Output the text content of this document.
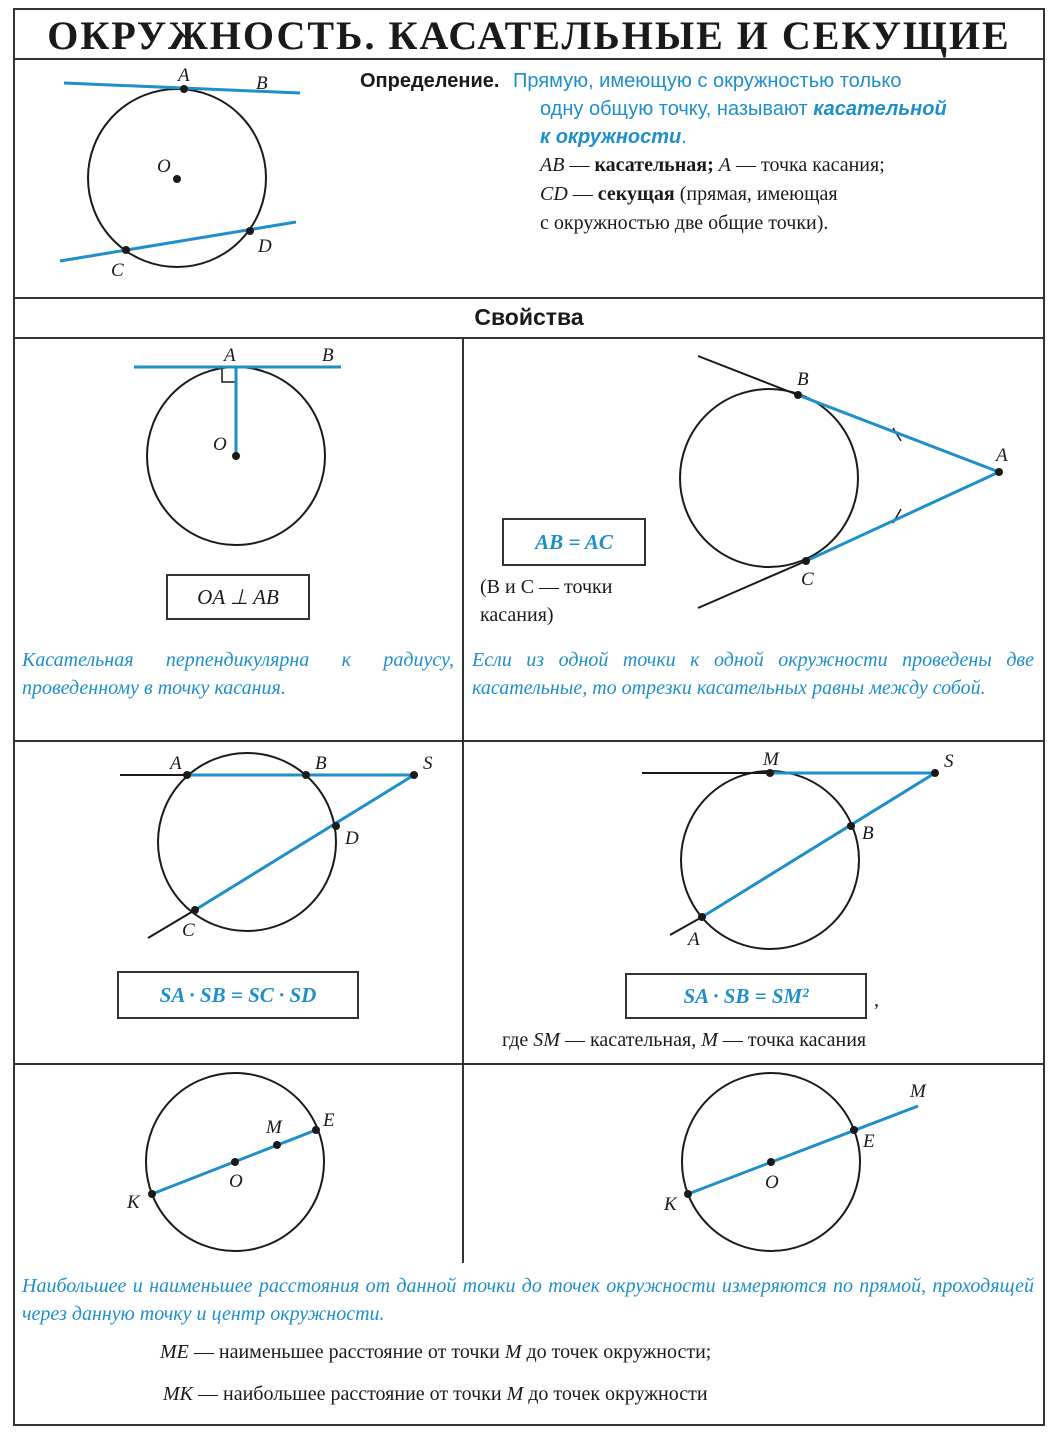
ОКРУЖНОСТЬ. КАСАТЕЛЬНЫЕ И СЕКУЩИЕ
Определение. Прямую, имеющую с окружностью только
одну общую точку, называют касательной
к окружности.
AB — касательная; A — точка касания;
CD — секущая (прямая, имеющая
с окружностью две общие точки).
Свойства
OA ⊥ AB
AB = AC
SA · SB = SC · SD	SA · SB = SM²	,
(B и C — точки
касания)
где SM — касательная, M — точка касания
Касательная перпендикулярна к радиусу, проведенному в точку касания.
Если из одной точки к одной окружности проведены две касательные, то отрезки касательных равны между собой.
Наибольшее и наименьшее расстояния от данной точки до точек окружности измеряются по прямой, проходящей через данную точку и центр окружности.
ME — наименьшее расстояние от точки M до точек окружности;
MK — наибольшее расстояние от точки M до точек окружности
A	B
O
C
D
A	B
O
B
A
C
A	B	S
D
C
M	S
B
A
K
O
M E
K
O
E
M
